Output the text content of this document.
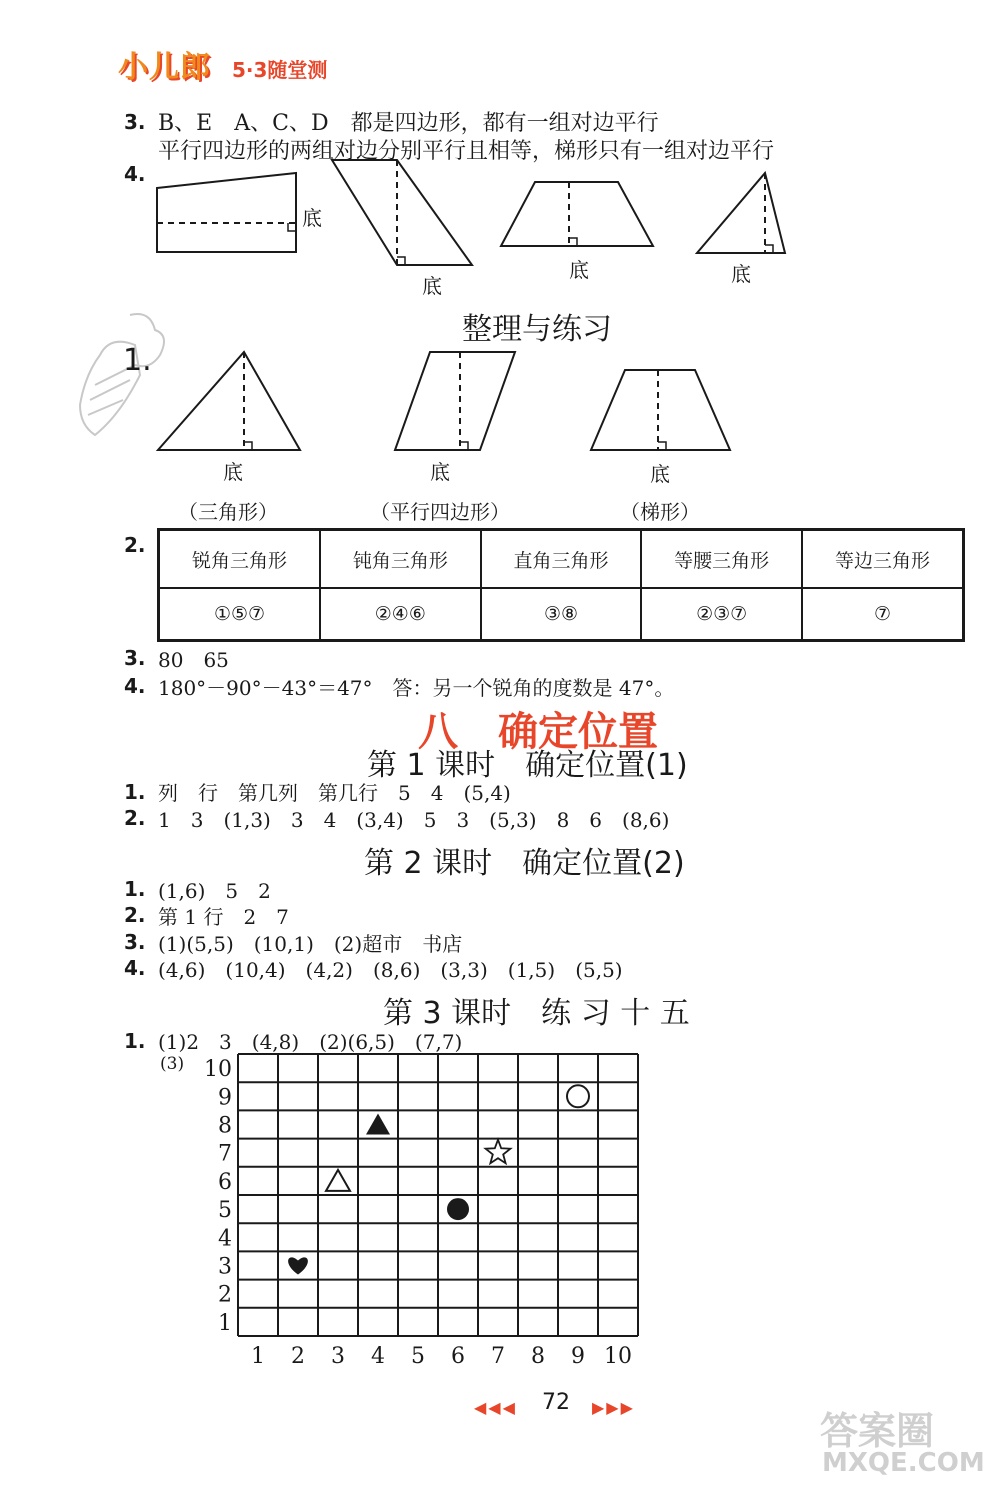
小儿郎 5·3随堂测
3. B、E　A、C、D　都是四边形，都有一组对边平行
平行四边形的两组对边分别平行且相等，梯形只有一组对边平行
4.
底
底
底	底
整理与练习
1.
底	底	底
（三角形）	（平行四边形）	（梯形）
2.
锐角三角形	钝角三角形	直角三角形	等腰三角形	等边三角形
①⑤⑦	②④⑥	③⑧	②③⑦	⑦
3. 80　65
4. 180°－90°－43°＝47°　答：另一个锐角的度数是 47°。
八　确定位置
第 1 课时　确定位置(1)
1. 列　行　第几列　第几行　5　4　(5,4)
2. 1　3　(1,3)　3　4　(3,4)　5　3　(5,3)　8　6　(8,6)
第 2 课时　确定位置(2)
1. (1,6)　5　2
2. 第 1 行　2　7
3. (1)(5,5)　(10,1)　(2)超市　书店
4. (4,6)　(10,4)　(4,2)　(8,6)　(3,3)　(1,5)　(5,5)
第 3 课时　练 习 十 五
1. (1)2　3　(4,8)　(2)(6,5)　(7,7)
(3)
1 2 3 4 5 6 7 8 9 10
10
9
8
7
6
5
4
3
2
1
◀◀◀ 72 ▶▶▶
答案圈
MXQE.COM
